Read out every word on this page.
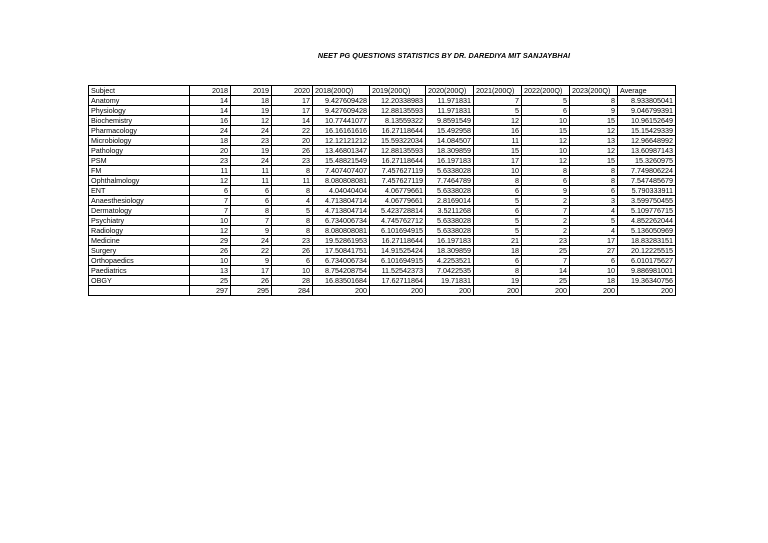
NEET PG QUESTIONS STATISTICS BY DR. DAREDIYA MIT SANJAYBHAI
Subject	2018	2019	2020	2018(200Q)	2019(200Q)	2020(200Q)	2021(200Q)	2022(200Q)	2023(200Q)	Average
Anatomy	14	18	17	9.427609428	12.20338983	11.971831	7	5	8	8.933805041
Physiology	14	19	17	9.427609428	12.88135593	11.971831	5	6	9	9.046799391
Biochemistry	16	12	14	10.77441077	8.13559322	9.8591549	12	10	15	10.96152649
Pharmacology	24	24	22	16.16161616	16.27118644	15.492958	16	15	12	15.15429339
Microbiology	18	23	20	12.12121212	15.59322034	14.084507	11	12	13	12.96648992
Pathology	20	19	26	13.46801347	12.88135593	18.309859	15	10	12	13.60987143
PSM	23	24	23	15.48821549	16.27118644	16.197183	17	12	15	15.3260975
FM	11	11	8	7.407407407	7.457627119	5.6338028	10	8	8	7.749806224
Ophthalmology	12	11	11	8.080808081	7.457627119	7.7464789	8	6	8	7.547485679
ENT	6	6	8	4.04040404	4.06779661	5.6338028	6	9	6	5.790333911
Anaesthesiology	7	6	4	4.713804714	4.06779661	2.8169014	5	2	3	3.599750455
Dermatology	7	8	5	4.713804714	5.423728814	3.5211268	6	7	4	5.109776715
Psychiatry	10	7	8	6.734006734	4.745762712	5.6338028	5	2	5	4.852262044
Radiology	12	9	8	8.080808081	6.101694915	5.6338028	5	2	4	5.136050969
Medicine	29	24	23	19.52861953	16.27118644	16.197183	21	23	17	18.83283151
Surgery	26	22	26	17.50841751	14.91525424	18.309859	18	25	27	20.12225515
Orthopaedics	10	9	6	6.734006734	6.101694915	4.2253521	6	7	6	6.010175627
Paediatrics	13	17	10	8.754208754	11.52542373	7.0422535	8	14	10	9.886981001
OBGY	25	26	28	16.83501684	17.62711864	19.71831	19	25	18	19.36340756
	297	295	284	200	200	200	200	200	200	200
